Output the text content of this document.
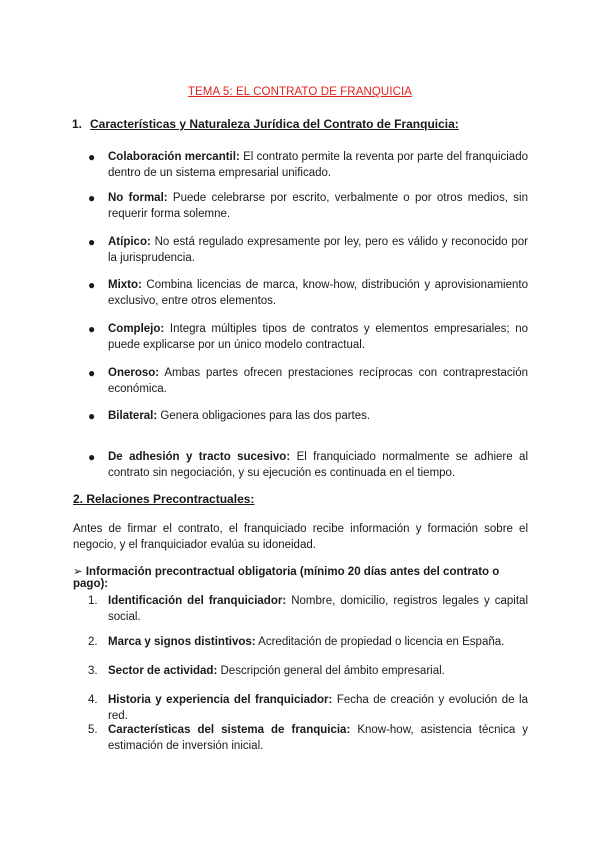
TEMA 5: EL CONTRATO DE FRANQUICIA
1. Características y Naturaleza Jurídica del Contrato de Franquicia:
● Colaboración mercantil: El contrato permite la reventa por parte del franquiciado dentro de un sistema empresarial unificado.
● No formal: Puede celebrarse por escrito, verbalmente o por otros medios, sin requerir forma solemne.
● Atípico: No está regulado expresamente por ley, pero es válido y reconocido por la jurisprudencia.
● Mixto: Combina licencias de marca, know-how, distribución y aprovisionamiento exclusivo, entre otros elementos.
● Complejo: Integra múltiples tipos de contratos y elementos empresariales; no puede explicarse por un único modelo contractual.
● Oneroso: Ambas partes ofrecen prestaciones recíprocas con contraprestación económica.
● Bilateral: Genera obligaciones para las dos partes.
● De adhesión y tracto sucesivo: El franquiciado normalmente se adhiere al contrato sin negociación, y su ejecución es continuada en el tiempo.
2. Relaciones Precontractuales:
Antes de firmar el contrato, el franquiciado recibe información y formación sobre el negocio, y el franquiciador evalúa su idoneidad.
➢ Información precontractual obligatoria (mínimo 20 días antes del contrato o pago):
1. Identificación del franquiciador: Nombre, domicilio, registros legales y capital social.
2. Marca y signos distintivos: Acreditación de propiedad o licencia en España.
3. Sector de actividad: Descripción general del ámbito empresarial.
4. Historia y experiencia del franquiciador: Fecha de creación y evolución de la red.
5. Características del sistema de franquicia: Know-how, asistencia técnica y estimación de inversión inicial.
